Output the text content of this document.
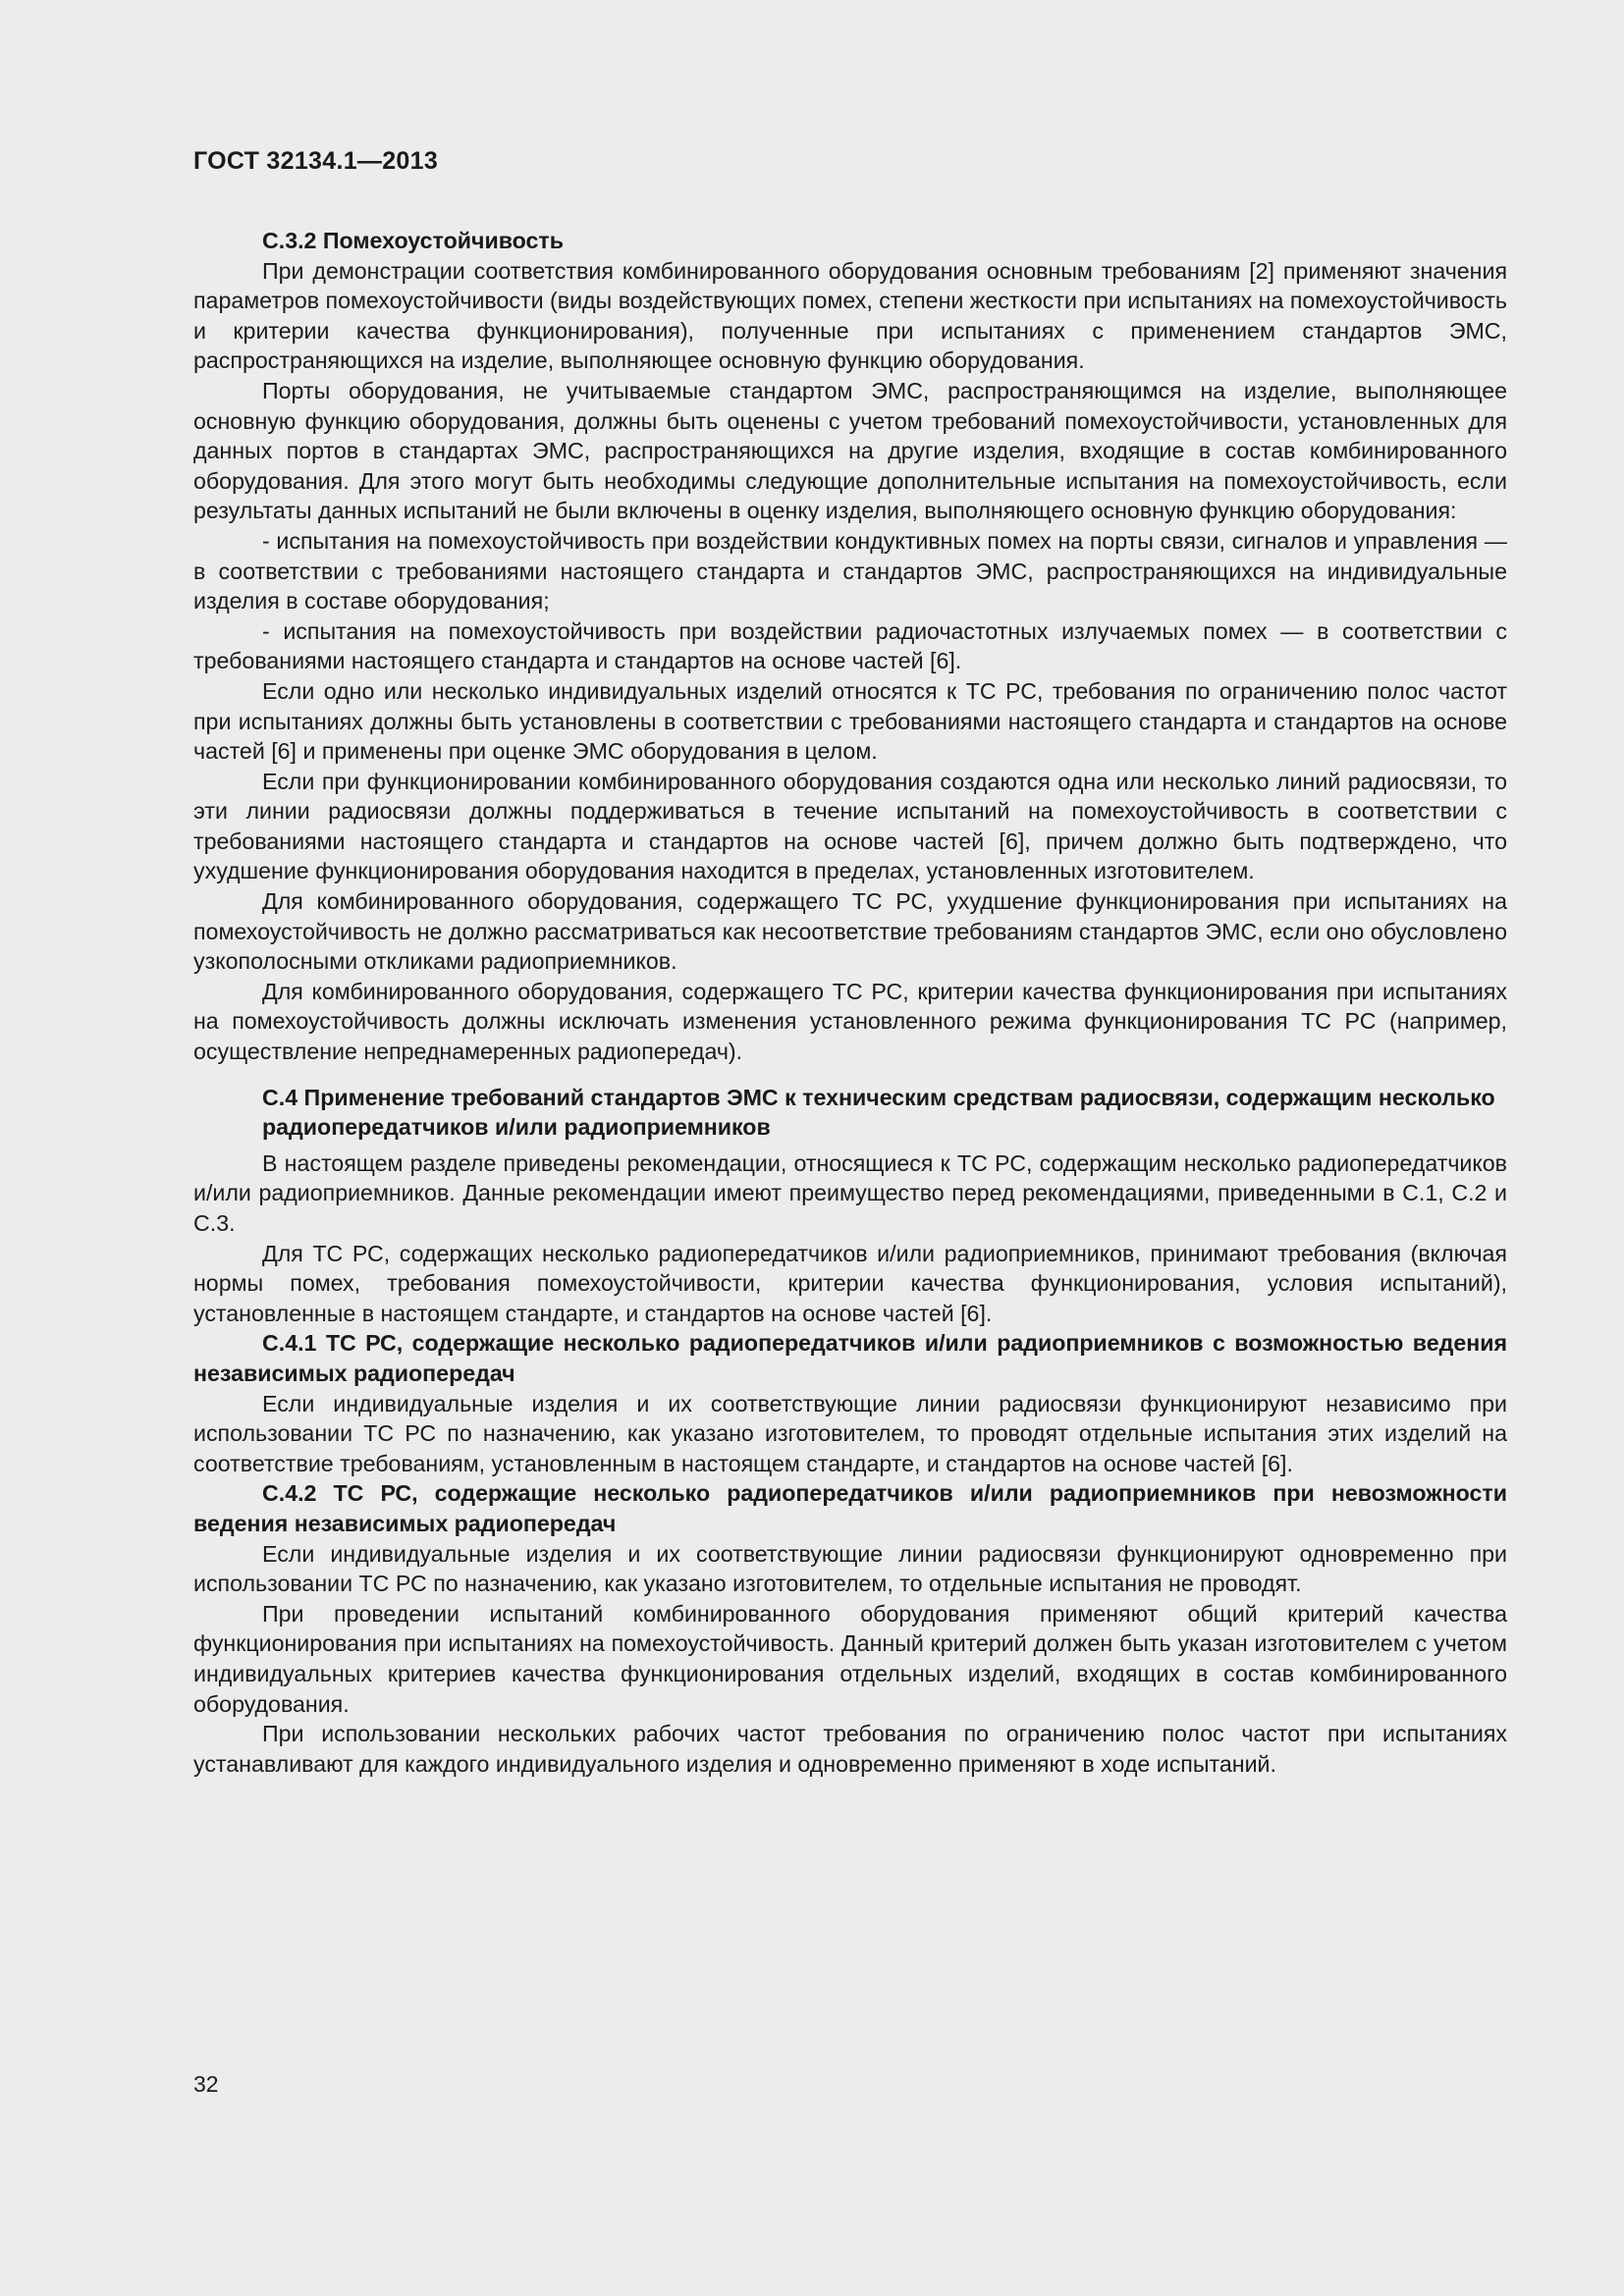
ГОСТ 32134.1—2013

С.3.2 Помехоустойчивость

При демонстрации соответствия комбинированного оборудования основным требованиям [2] применяют значения параметров помехоустойчивости (виды воздействующих помех, степени жесткости при испытаниях на помехоустойчивость и критерии качества функционирования), полученные при испытаниях с применением стандартов ЭМС, распространяющихся на изделие, выполняющее основную функцию оборудования.

Порты оборудования, не учитываемые стандартом ЭМС, распространяющимся на изделие, выполняющее основную функцию оборудования, должны быть оценены с учетом требований помехоустойчивости, установленных для данных портов в стандартах ЭМС, распространяющихся на другие изделия, входящие в состав комбинированного оборудования. Для этого могут быть необходимы следующие дополнительные испытания на помехоустойчивость, если результаты данных испытаний не были включены в оценку изделия, выполняющего основную функцию оборудования:

- испытания на помехоустойчивость при воздействии кондуктивных помех на порты связи, сигналов и управления — в соответствии с требованиями настоящего стандарта и стандартов ЭМС, распространяющихся на индивидуальные изделия в составе оборудования;

- испытания на помехоустойчивость при воздействии радиочастотных излучаемых помех — в соответствии с требованиями настоящего стандарта и стандартов на основе частей [6].

Если одно или несколько индивидуальных изделий относятся к ТС РС, требования по ограничению полос частот при испытаниях должны быть установлены в соответствии с требованиями настоящего стандарта и стандартов на основе частей [6] и применены при оценке ЭМС оборудования в целом.

Если при функционировании комбинированного оборудования создаются одна или несколько линий радиосвязи, то эти линии радиосвязи должны поддерживаться в течение испытаний на помехоустойчивость в соответствии с требованиями настоящего стандарта и стандартов на основе частей [6], причем должно быть подтверждено, что ухудшение функционирования оборудования находится в пределах, установленных изготовителем.

Для комбинированного оборудования, содержащего ТС РС, ухудшение функционирования при испытаниях на помехоустойчивость не должно рассматриваться как несоответствие требованиям стандартов ЭМС, если оно обусловлено узкополосными откликами радиоприемников.

Для комбинированного оборудования, содержащего ТС РС, критерии качества функционирования при испытаниях на помехоустойчивость должны исключать изменения установленного режима функционирования ТС РС (например, осуществление непреднамеренных радиопередач).

С.4 Применение требований стандартов ЭМС к техническим средствам радиосвязи, содержащим несколько радиопередатчиков и/или радиоприемников

В настоящем разделе приведены рекомендации, относящиеся к ТС РС, содержащим несколько радиопередатчиков и/или радиоприемников. Данные рекомендации имеют преимущество перед рекомендациями, приведенными в С.1, С.2 и С.3.

Для ТС РС, содержащих несколько радиопередатчиков и/или радиоприемников, принимают требования (включая нормы помех, требования помехоустойчивости, критерии качества функционирования, условия испытаний), установленные в настоящем стандарте, и стандартов на основе частей [6].

С.4.1 ТС РС, содержащие несколько радиопередатчиков и/или радиоприемников с возможностью ведения независимых радиопередач

Если индивидуальные изделия и их соответствующие линии радиосвязи функционируют независимо при использовании ТС РС по назначению, как указано изготовителем, то проводят отдельные испытания этих изделий на соответствие требованиям, установленным в настоящем стандарте, и стандартов на основе частей [6].

С.4.2 ТС РС, содержащие несколько радиопередатчиков и/или радиоприемников при невозможности ведения независимых радиопередач

Если индивидуальные изделия и их соответствующие линии радиосвязи функционируют одновременно при использовании ТС РС по назначению, как указано изготовителем, то отдельные испытания не проводят.

При проведении испытаний комбинированного оборудования применяют общий критерий качества функционирования при испытаниях на помехоустойчивость. Данный критерий должен быть указан изготовителем с учетом индивидуальных критериев качества функционирования отдельных изделий, входящих в состав комбинированного оборудования.

При использовании нескольких рабочих частот требования по ограничению полос частот при испытаниях устанавливают для каждого индивидуального изделия и одновременно применяют в ходе испытаний.

32
